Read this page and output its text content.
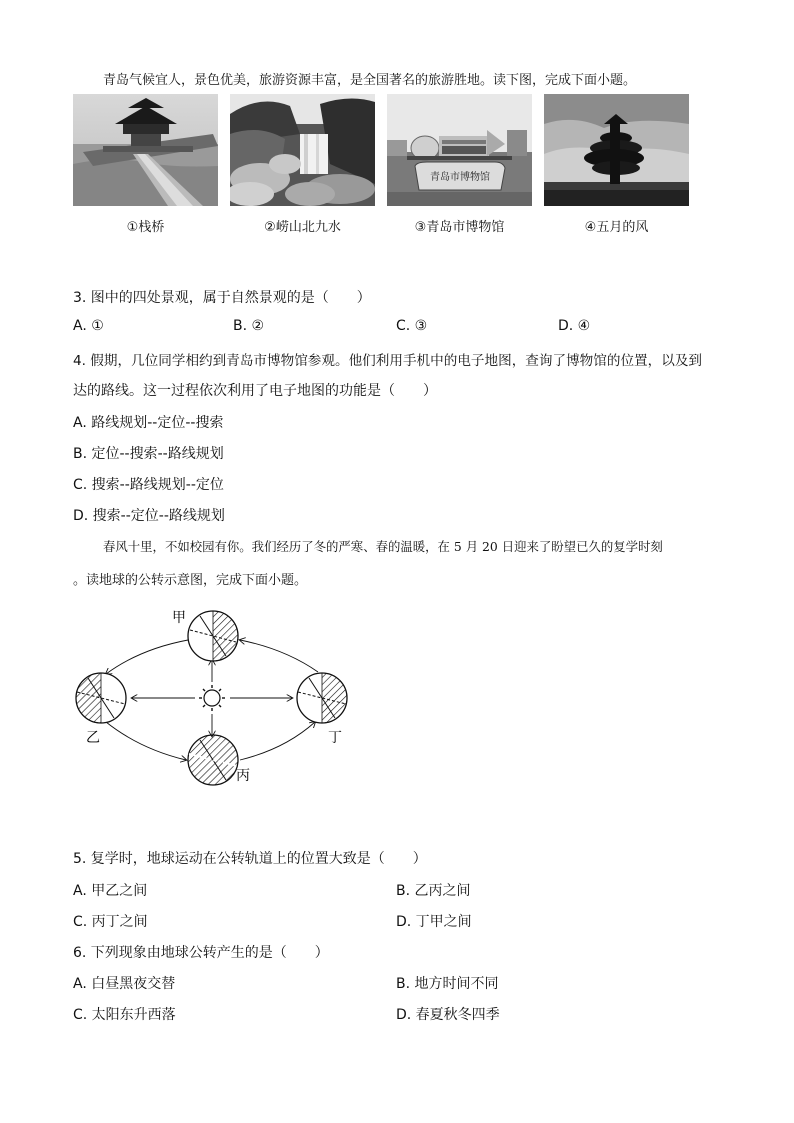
青岛气候宜人，景色优美，旅游资源丰富，是全国著名的旅游胜地。读下图，完成下面小题。
青岛市博物馆
①栈桥	②崂山北九水	③青岛市博物馆	④五月的风
3. 图中的四处景观，属于自然景观的是（　　）
A. ①	B. ②	C. ③	D. ④
4. 假期，几位同学相约到青岛市博物馆参观。他们利用手机中的电子地图，查询了博物馆的位置，以及到
达的路线。这一过程依次利用了电子地图的功能是（　　）
A. 路线规划--定位--搜索
B. 定位--搜索--路线规划
C. 搜索--路线规划--定位
D. 搜索--定位--路线规划
春风十里，不如校园有你。我们经历了冬的严寒、春的温暖，在 5 月 20 日迎来了盼望已久的复学时刻
。读地球的公转示意图，完成下面小题。
甲
乙
丙
丁
5. 复学时，地球运动在公转轨道上的位置大致是（　　）
A. 甲乙之间	B. 乙丙之间
C. 丙丁之间	D. 丁甲之间
6. 下列现象由地球公转产生的是（　　）
A. 白昼黑夜交替	B. 地方时间不同
C. 太阳东升西落	D. 春夏秋冬四季
